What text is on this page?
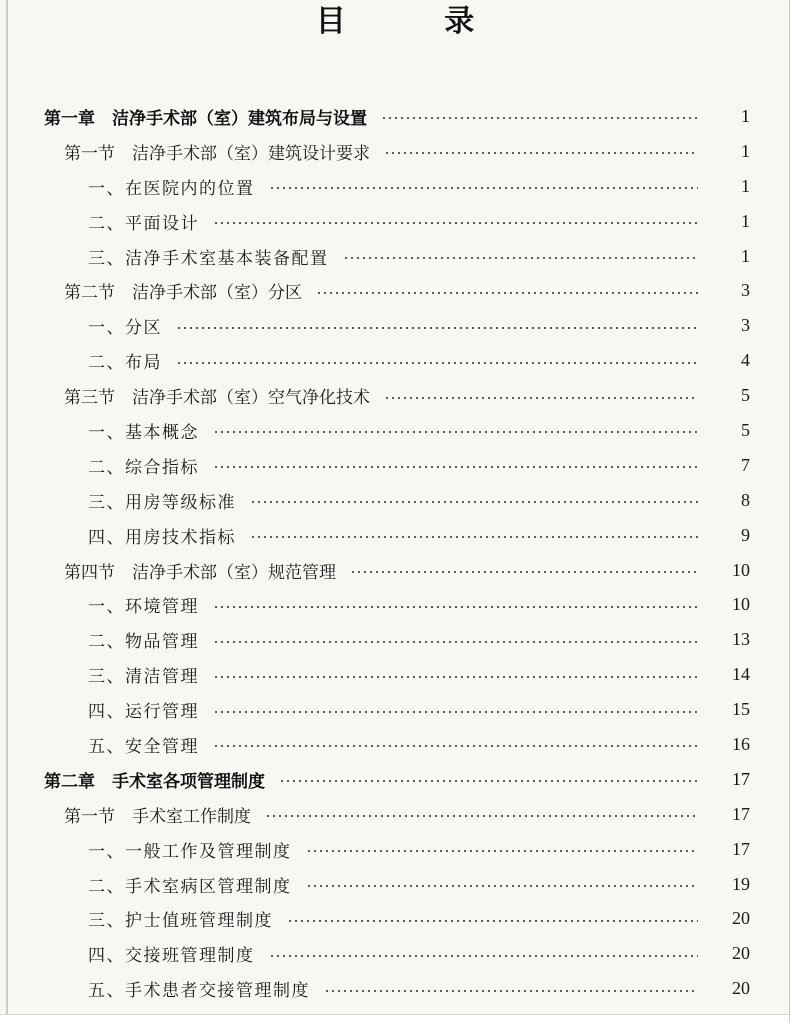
目 录
第一章　洁净手术部（室）建筑布局与设置	1
第一节　洁净手术部（室）建筑设计要求	1
一、在医院内的位置	1
二、平面设计	1
三、洁净手术室基本装备配置	1
第二节　洁净手术部（室）分区	3
一、分区	3
二、布局	4
第三节　洁净手术部（室）空气净化技术	5
一、基本概念	5
二、综合指标	7
三、用房等级标准	8
四、用房技术指标	9
第四节　洁净手术部（室）规范管理	10
一、环境管理	10
二、物品管理	13
三、清洁管理	14
四、运行管理	15
五、安全管理	16
第二章　手术室各项管理制度	17
第一节　手术室工作制度	17
一、一般工作及管理制度	17
二、手术室病区管理制度	19
三、护士值班管理制度	20
四、交接班管理制度	20
五、手术患者交接管理制度	20
